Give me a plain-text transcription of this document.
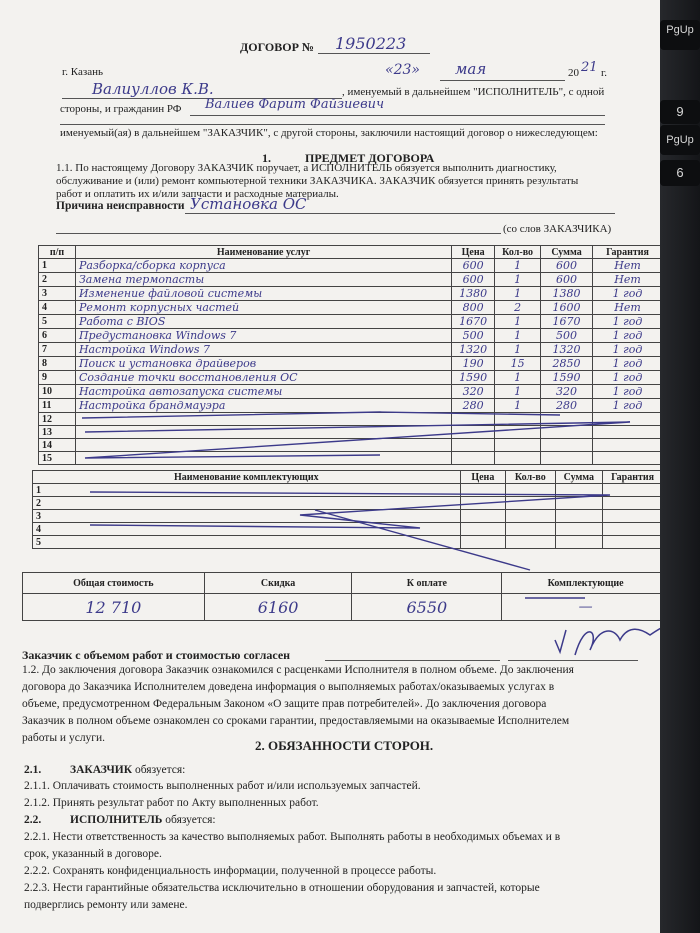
PgUp
9
PgUp
6
ДОГОВОР № 1950223
г. Казань	«23» мая	20 21 г.
Валиуллов К.В.	, именуемый в дальнейшем "ИСПОЛНИТЕЛЬ", с одной
стороны, и гражданин РФ Валиев Фарит Файзиевич
именуемый(ая) в дальнейшем "ЗАКАЗЧИК", с другой стороны, заключили настоящий договор о нижеследующем:
1.	ПРЕДМЕТ ДОГОВОРА
1.1. По настоящему Договору ЗАКАЗЧИК поручает, а ИСПОЛНИТЕЛЬ обязуется выполнить диагностику,
обслуживание и (или) ремонт компьютерной техники ЗАКАЗЧИКА. ЗАКАЗЧИК обязуется принять результаты
работ и оплатить их и/или запчасти и расходные материалы.
Причина неисправности Установка ОС
(со слов ЗАКАЗЧИКА)
п/п	Наименование услуг	Цена	Кол-во	Сумма	Гарантия
1	Разборка/сборка корпуса	600	1	600	Нет
2	Замена термопасты	600	1	600	Нет
3	Изменение файловой системы	1380	1	1380	1 год
4	Ремонт корпусных частей	800	2	1600	Нет
5	Работа с BIOS	1670	1	1670	1 год
6	Предустановка Windows 7	500	1	500	1 год
7	Настройка Windows 7	1320	1	1320	1 год
8	Поиск и установка драйверов	190	15	2850	1 год
9	Создание точки восстановления ОС	1590	1	1590	1 год
10	Настройка автозапуска системы	320	1	320	1 год
11	Настройка брандмауэра	280	1	280	1 год
12					
13					
14					
15					
Наименование комплектующих	Цена	Кол-во	Сумма	Гарантия
1				
2				
3				
4				
5				
Общая стоимость	Скидка	К оплате	Комплектующие
12 710	6160	6550	—
Заказчик с объемом работ и стоимостью согласен
1.2. До заключения договора Заказчик ознакомился с расценками Исполнителя в полном объеме. До заключения
договора до Заказчика Исполнителем доведена информация о выполняемых работах/оказываемых услугах в
объеме, предусмотренном Федеральным Законом «О защите прав потребителей». До заключения договора
Заказчик в полном объеме ознакомлен со сроками гарантии, предоставляемыми на оказываемые Исполнителем
работы и услуги.	2. ОБЯЗАННОСТИ СТОРОН.
2.1.	ЗАКАЗЧИК обязуется:
2.1.1. Оплачивать стоимость выполненных работ и/или используемых запчастей.
2.1.2. Принять результат работ по Акту выполненных работ.
2.2.	ИСПОЛНИТЕЛЬ обязуется:
2.2.1. Нести ответственность за качество выполняемых работ. Выполнять работы в необходимых объемах и в
срок, указанный в договоре.
2.2.2. Сохранять конфиденциальность информации, полученной в процессе работы.
2.2.3. Нести гарантийные обязательства исключительно в отношении оборудования и запчастей, которые
подверглись ремонту или замене.
